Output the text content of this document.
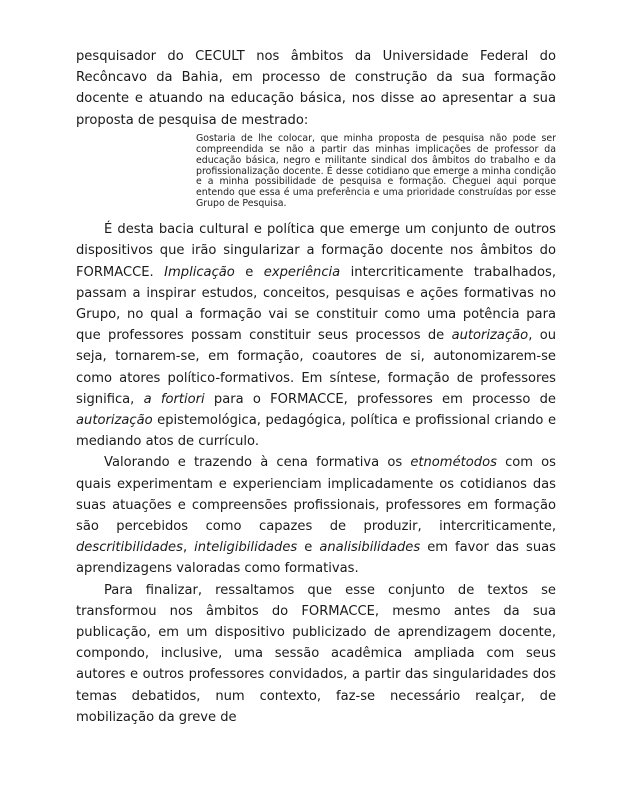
pesquisador do CECULT nos âmbitos da Universidade Federal do Recôncavo da Bahia, em processo de construção da sua formação docente e atuando na educação básica, nos disse ao apresentar a sua proposta de pesquisa de mestrado:

Gostaria de lhe colocar, que minha proposta de pesquisa não pode ser compreendida se não a partir das minhas implicações de professor da educação básica, negro e militante sindical dos âmbitos do trabalho e da profissionalização docente. É desse cotidiano que emerge a minha condição e a minha possibilidade de pesquisa e formação. Cheguei aqui porque entendo que essa é uma preferência e uma prioridade construídas por esse Grupo de Pesquisa.

É desta bacia cultural e política que emerge um conjunto de outros dispositivos que irão singularizar a formação docente nos âmbitos do FORMACCE. Implicação e experiência intercriticamente trabalhados, passam a inspirar estudos, conceitos, pesquisas e ações formativas no Grupo, no qual a formação vai se constituir como uma potência para que professores possam constituir seus processos de autorização, ou seja, tornarem-se, em formação, coautores de si, autonomizarem-se como atores político-formativos. Em síntese, formação de professores significa, a fortiori para o FORMACCE, professores em processo de autorização epistemológica, pedagógica, política e profissional criando e mediando atos de currículo.

Valorando e trazendo à cena formativa os etnométodos com os quais experimentam e experienciam implicadamente os cotidianos das suas atuações e compreensões profissionais, professores em formação são percebidos como capazes de produzir, intercriticamente, descritibilidades, inteligibilidades e analisibilidades em favor das suas aprendizagens valoradas como formativas.

Para finalizar, ressaltamos que esse conjunto de textos se transformou nos âmbitos do FORMACCE, mesmo antes da sua publicação, em um dispositivo publicizado de aprendizagem docente, compondo, inclusive, uma sessão acadêmica ampliada com seus autores e outros professores convidados, a partir das singularidades dos temas debatidos, num contexto, faz-se necessário realçar, de mobilização da greve de
